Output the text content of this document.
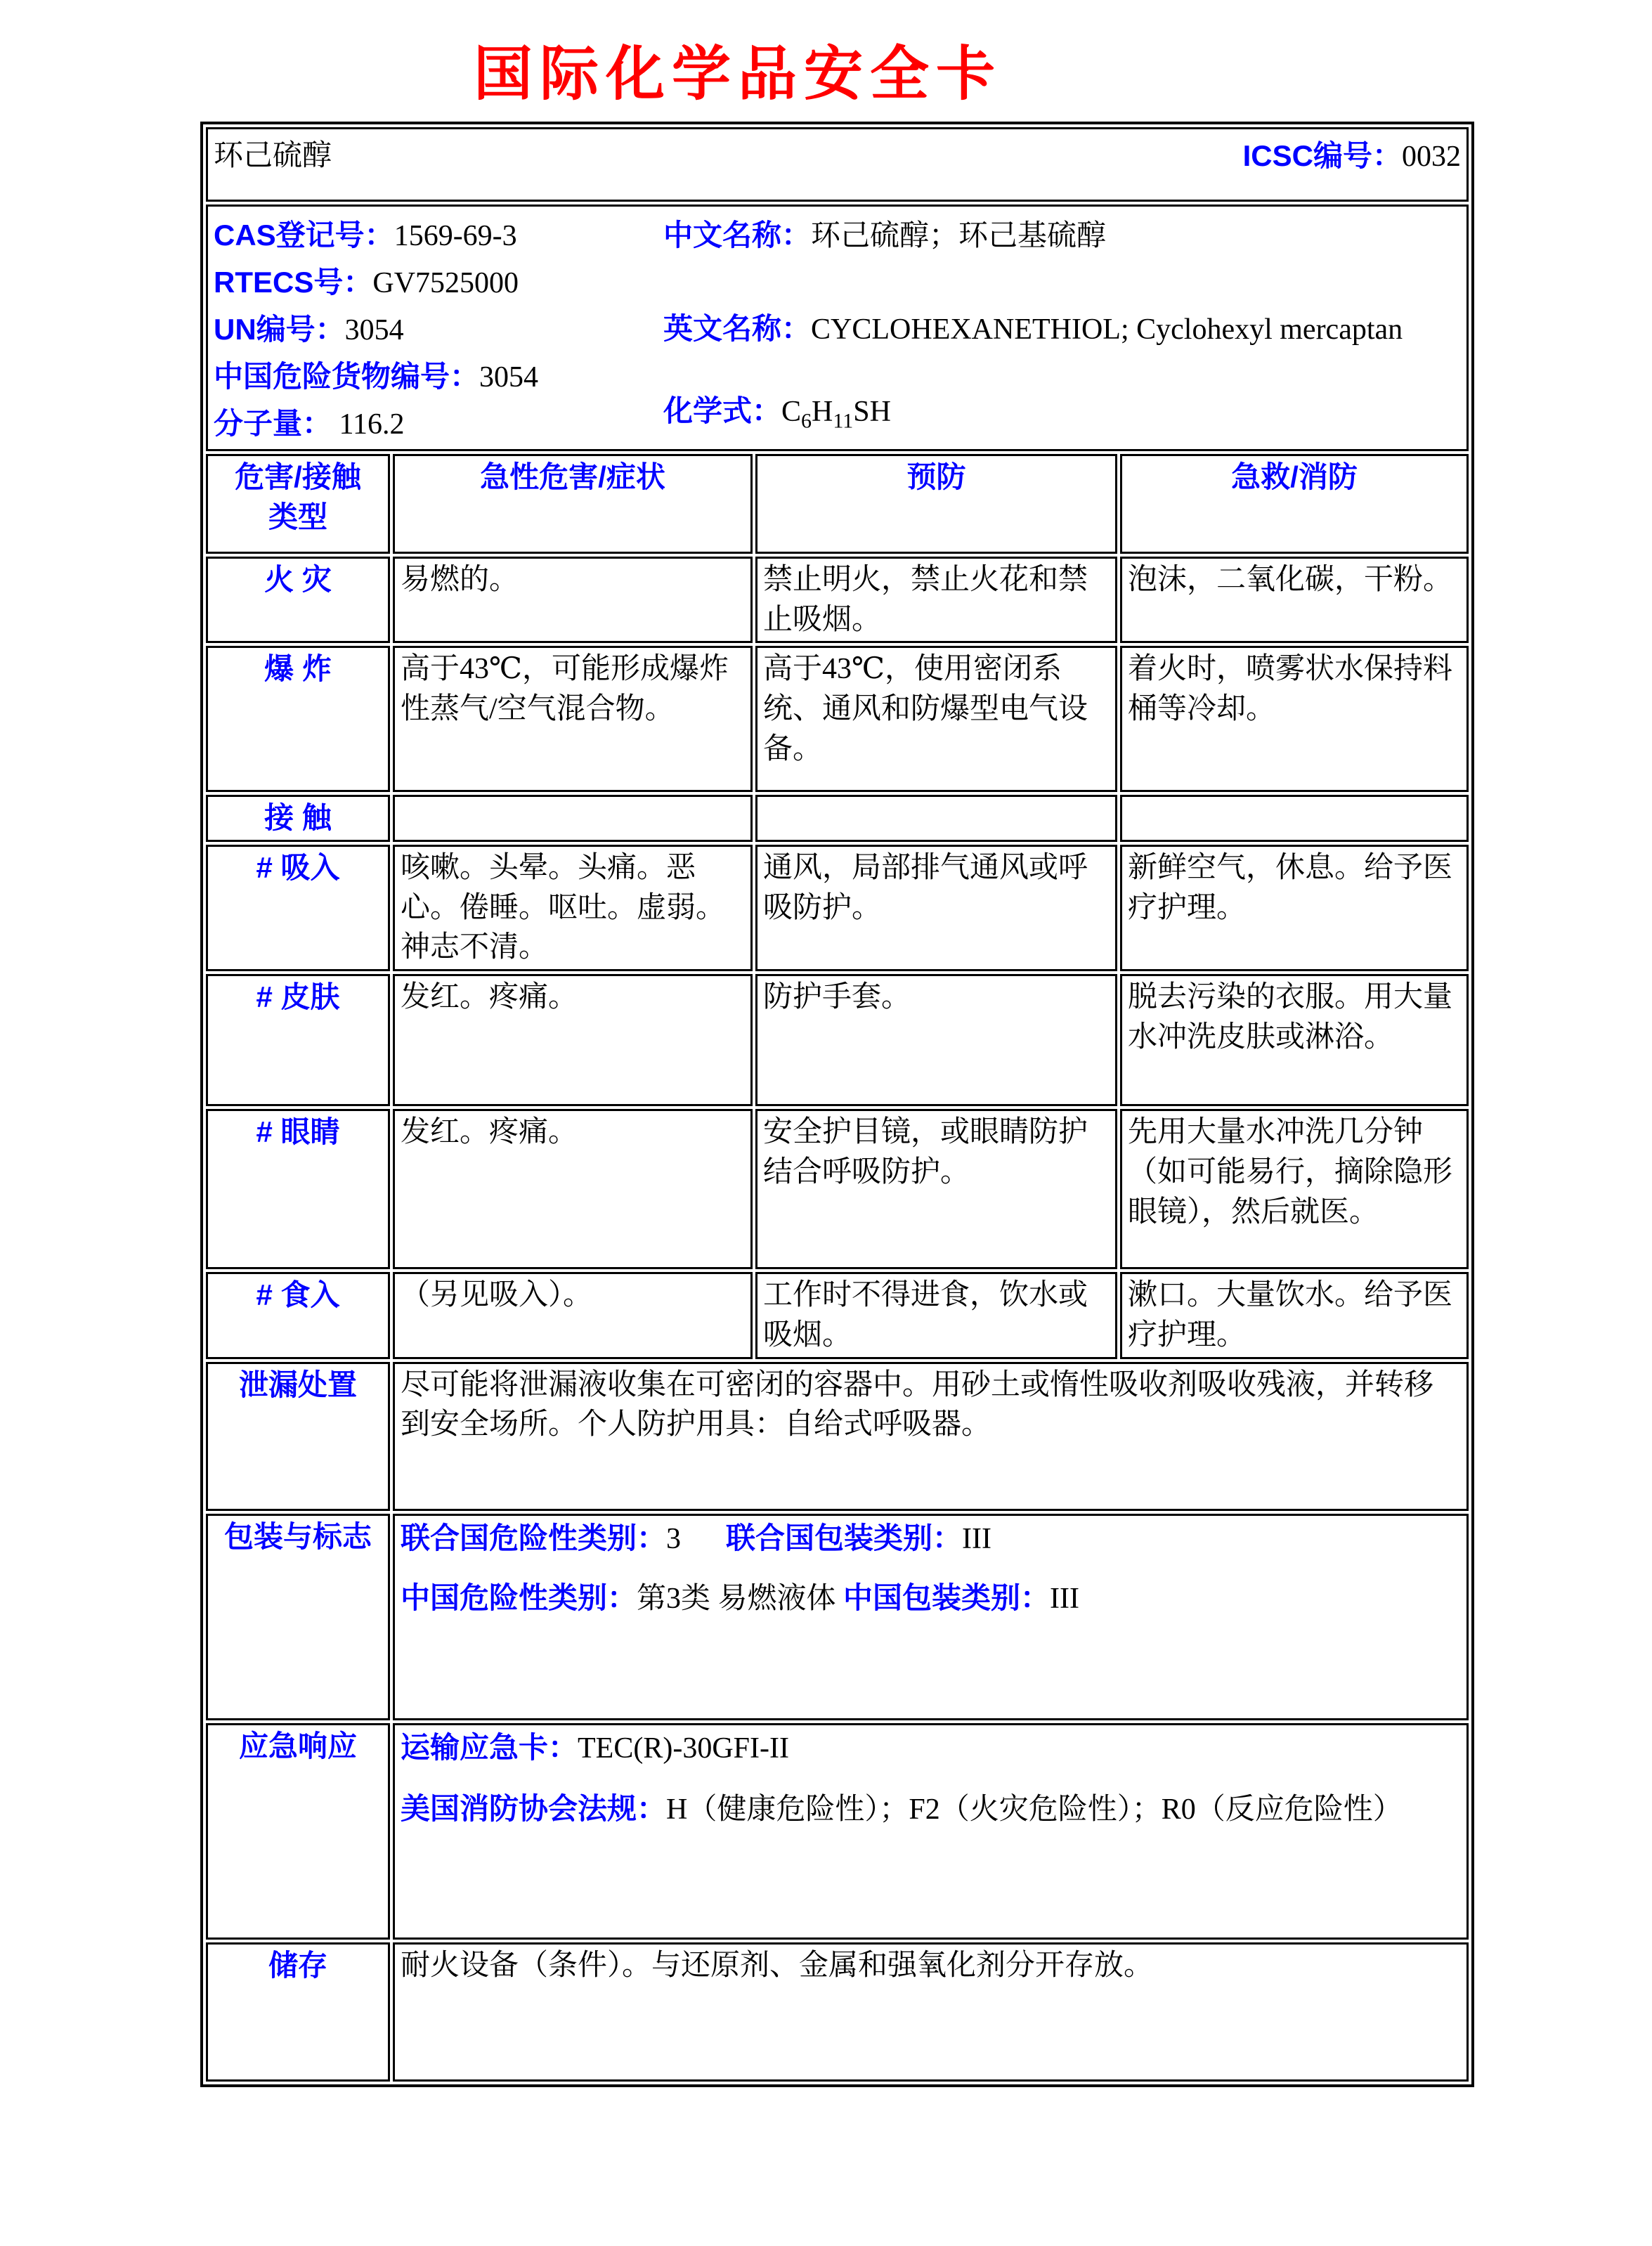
国际化学品安全卡
环己硫醇 ICSC编号：0032			

CAS登记号：1569-69-3
RTECS号：GV7525000
UN编号：3054
中国危险货物编号：3054
分子量： 116.2
中文名称：环己硫醇；环己基硫醇
英文名称：CYCLOHEXANETHIOL; Cyclohexyl mercaptan
化学式：$C_6H_{11}SH$

危害/接触
类型	急性危害/症状	预防	急救/消防
火 灾	易燃的。	禁止明火，禁止火花和禁止吸烟。	泡沫，二氧化碳，干粉。
爆 炸	高于43℃，可能形成爆炸性蒸气/空气混合物。	高于43℃，使用密闭系统、通风和防爆型电气设备。	着火时，喷雾状水保持料桶等冷却。
接 触			
# 吸入	咳嗽。头晕。头痛。恶心。倦睡。呕吐。虚弱。神志不清。	通风，局部排气通风或呼吸防护。	新鲜空气，休息。给予医疗护理。
# 皮肤	发红。疼痛。	防护手套。	脱去污染的衣服。用大量水冲洗皮肤或淋浴。
# 眼睛	发红。疼痛。	安全护目镜，或眼睛防护结合呼吸防护。	先用大量水冲洗几分钟（如可能易行，摘除隐形眼镜），然后就医。
# 食入	（另见吸入）。	工作时不得进食，饮水或吸烟。	漱口。大量饮水。给予医疗护理。
泄漏处置	尽可能将泄漏液收集在可密闭的容器中。用砂土或惰性吸收剂吸收残液，并转移到安全场所。个人防护用具：自给式呼吸器。		
包装与标志	联合国危险性类别：3 联合国包装类别：III
中国危险性类别：第3类 易燃液体 中国包装类别：III		

应急响应	运输应急卡：TEC(R)-30GFI-II
美国消防协会法规：H（健康危险性）；F2（火灾危险性）；R0（反应危险性）		

储存	耐火设备（条件）。与还原剂、金属和强氧化剂分开存放。		
